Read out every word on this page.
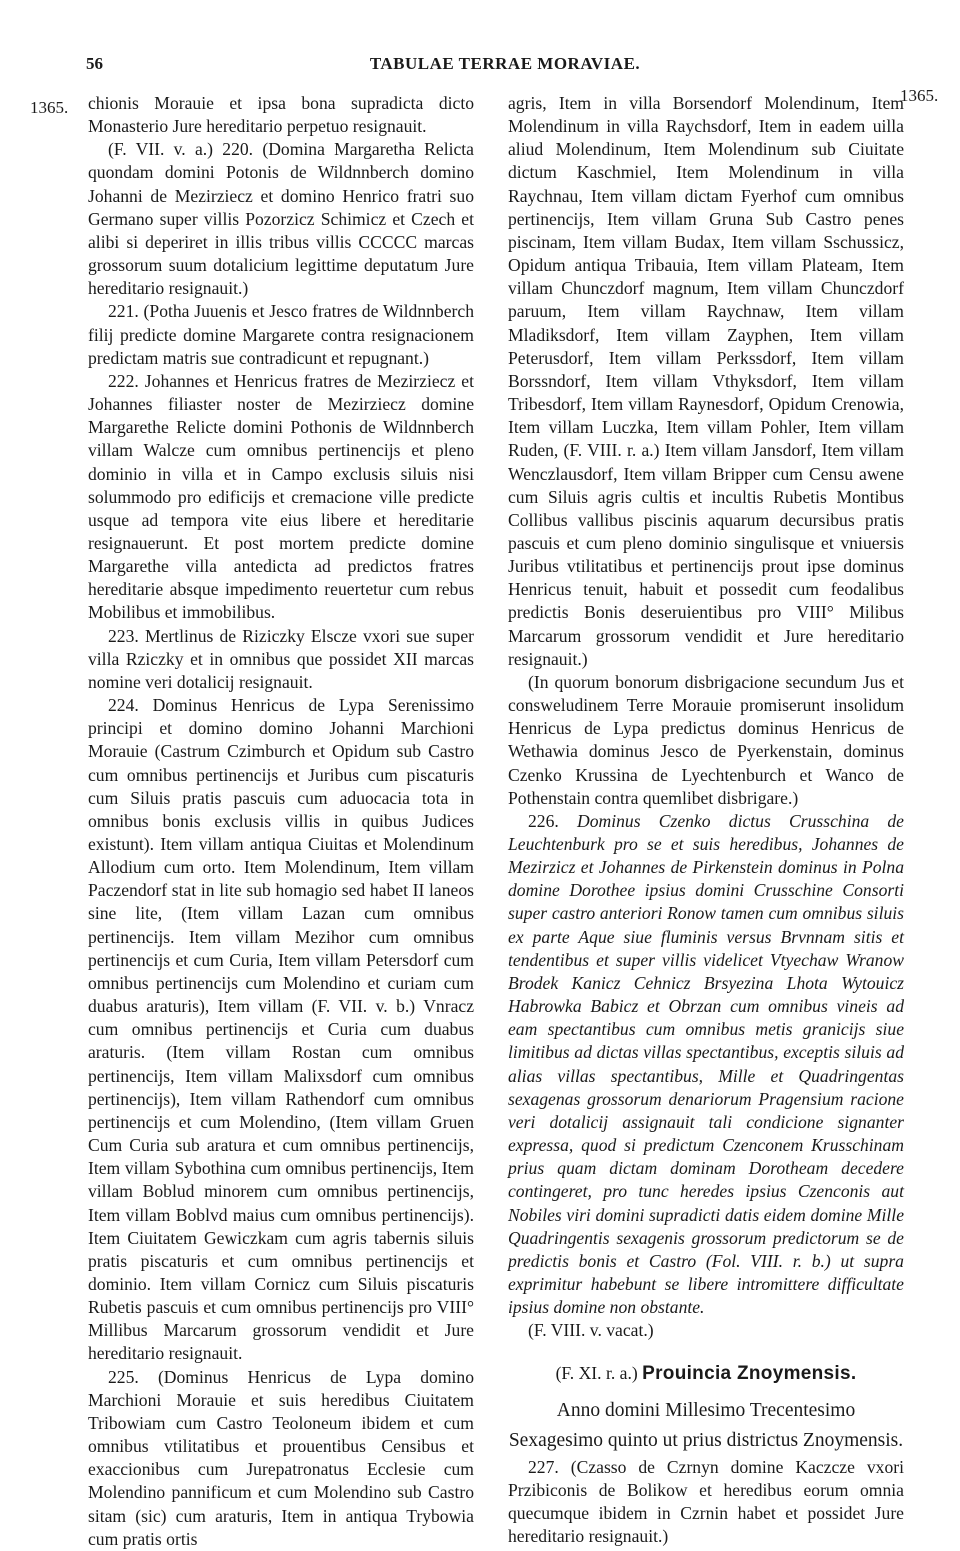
56	TABULAE TERRAE MORAVIAE.
1365.
1365.

chionis Morauie et ipsa bona supradicta dicto Monasterio Jure hereditario perpetuo resignauit.

(F. VII. v. a.) 220. (Domina Margaretha Relicta quondam domini Potonis de Wildnnberch domino Johanni de Mezirziecz et domino Henrico fratri suo Germano super villis Pozorzicz Schimicz et Czech et alibi si deperiret in illis tribus villis CCCCC marcas grossorum suum dotalicium legittime deputatum Jure hereditario resignauit.)

221. (Potha Juuenis et Jesco fratres de Wildnnberch filij predicte domine Margarete contra resignacionem predictam matris sue contradicunt et repugnant.)

222. Johannes et Henricus fratres de Mezirziecz et Johannes filiaster noster de Mezirziecz domine Margarethe Relicte domini Pothonis de Wildnnberch villam Walcze cum omnibus pertinencijs et pleno dominio in villa et in Campo exclusis siluis nisi solummodo pro edificijs et cremacione ville predicte usque ad tempora vite eius libere et hereditarie resignauerunt. Et post mortem predicte domine Margarethe villa antedicta ad predictos fratres hereditarie absque impedimento reuertetur cum rebus Mobilibus et immobilibus.

223. Mertlinus de Riziczky Elscze vxori sue super villa Rziczky et in omnibus que possidet XII marcas nomine veri dotalicij resignauit.

224. Dominus Henricus de Lypa Serenissimo principi et domino domino Johanni Marchioni Morauie (Castrum Czimburch et Opidum sub Castro cum omnibus pertinencijs et Juribus cum piscaturis cum Siluis pratis pascuis cum aduocacia tota in omnibus bonis exclusis villis in quibus Judices existunt). Item villam antiqua Ciuitas et Molendinum Allodium cum orto. Item Molendinum, Item villam Paczendorf stat in lite sub homagio sed habet II laneos sine lite, (Item villam Lazan cum omnibus pertinencijs. Item villam Mezihor cum omnibus pertinencijs et cum Curia, Item villam Petersdorf cum omnibus pertinencijs cum Molendino et curiam cum duabus araturis), Item villam (F. VII. v. b.) Vnracz cum omnibus pertinencijs et Curia cum duabus araturis. (Item villam Rostan cum omnibus pertinencijs, Item villam Malixsdorf cum omnibus pertinencijs), Item villam Rathendorf cum omnibus pertinencijs et cum Molendino, (Item villam Gruen Cum Curia sub aratura et cum omnibus pertinencijs, Item villam Sybothina cum omnibus pertinencijs, Item villam Boblud minorem cum omnibus pertinencijs, Item villam Boblvd maius cum omnibus pertinencijs). Item Ciuitatem Gewiczkam cum agris tabernis siluis pratis piscaturis et cum omnibus pertinencijs et dominio. Item villam Cornicz cum Siluis piscaturis Rubetis pascuis et cum omnibus pertinencijs pro VIII° Millibus Marcarum grossorum vendidit et Jure hereditario resignauit.

225. (Dominus Henricus de Lypa domino Marchioni Morauie et suis heredibus Ciuitatem Tribowiam cum Castro Teoloneum ibidem et cum omnibus vtilitatibus et prouentibus Censibus et exaccionibus cum Jurepatronatus Ecclesie cum Molendino pannificum et cum Molendino sub Castro sitam (sic) cum araturis, Item in antiqua Trybowia cum pratis ortis

agris, Item in villa Borsendorf Molendinum, Item Molendinum in villa Raychsdorf, Item in eadem uilla aliud Molendinum, Item Molendinum sub Ciuitate dictum Kaschmiel, Item Molendinum in villa Raychnau, Item villam dictam Fyerhof cum omnibus pertinencijs, Item villam Gruna Sub Castro penes piscinam, Item villam Budax, Item villam Sschussicz, Opidum antiqua Tribauia, Item villam Plateam, Item villam Chunczdorf magnum, Item villam Chunczdorf paruum, Item villam Raychnaw, Item villam Mladiksdorf, Item villam Zayphen, Item villam Peterusdorf, Item villam Perkssdorf, Item villam Borssndorf, Item villam Vthyksdorf, Item villam Tribesdorf, Item villam Raynesdorf, Opidum Crenowia, Item villam Luczka, Item villam Pohler, Item villam Ruden, (F. VIII. r. a.) Item villam Jansdorf, Item villam Wenczlausdorf, Item villam Bripper cum Censu awene cum Siluis agris cultis et incultis Rubetis Montibus Collibus vallibus piscinis aquarum decursibus pratis pascuis et cum pleno dominio singulisque et vniuersis Juribus vtilitatibus et pertinencijs prout ipse dominus Henricus tenuit, habuit et possedit cum feodalibus predictis Bonis deseruientibus pro VIII° Milibus Marcarum grossorum vendidit et Jure hereditario resignauit.)

(In quorum bonorum disbrigacione secundum Jus et consweludinem Terre Morauie promiserunt insolidum Henricus de Lypa predictus dominus Henricus de Wethawia dominus Jesco de Pyerkenstain, dominus Czenko Krussina de Lyechtenburch et Wanco de Pothenstain contra quemlibet disbrigare.)

226. Dominus Czenko dictus Crusschina de Leuchtenburk pro se et suis heredibus, Johannes de Mezirzicz et Johannes de Pirkenstein dominus in Polna domine Dorothee ipsius domini Crusschine Consorti super castro anteriori Ronow tamen cum omnibus siluis ex parte Aque siue fluminis versus Brvnnam sitis et tendentibus et super villis videlicet Vtyechaw Wranow Brodek Kanicz Cehnicz Brsyezina Lhota Wytouicz Habrowka Babicz et Obrzan cum omnibus vineis ad eam spectantibus cum omnibus metis granicijs siue limitibus ad dictas villas spectantibus, exceptis siluis ad alias villas spectantibus, Mille et Quadringentas sexagenas grossorum denariorum Pragensium racione veri dotalicij assignauit tali condicione signanter expressa, quod si predictum Czenconem Krusschinam prius quam dictam dominam Dorotheam decedere contingeret, pro tunc heredes ipsius Czenconis aut Nobiles viri domini supradicti datis eidem domine Mille Quadringentis sexagenis grossorum predictorum se de predictis bonis et Castro (Fol. VIII. r. b.) ut supra exprimitur habebunt se libere intromittere difficultate ipsius domine non obstante.

(F. VIII. v. vacat.)

(F. XI. r. a.) Prouincia Znoymensis.

Anno domini Millesimo Trecentesimo Sexagesimo quinto ut prius districtus Znoymensis.

227. (Czasso de Czrnyn domine Kaczcze vxori Przibiconis de Bolikow et heredibus eorum omnia quecumque ibidem in Czrnin habet et possidet Jure hereditario resignauit.)
